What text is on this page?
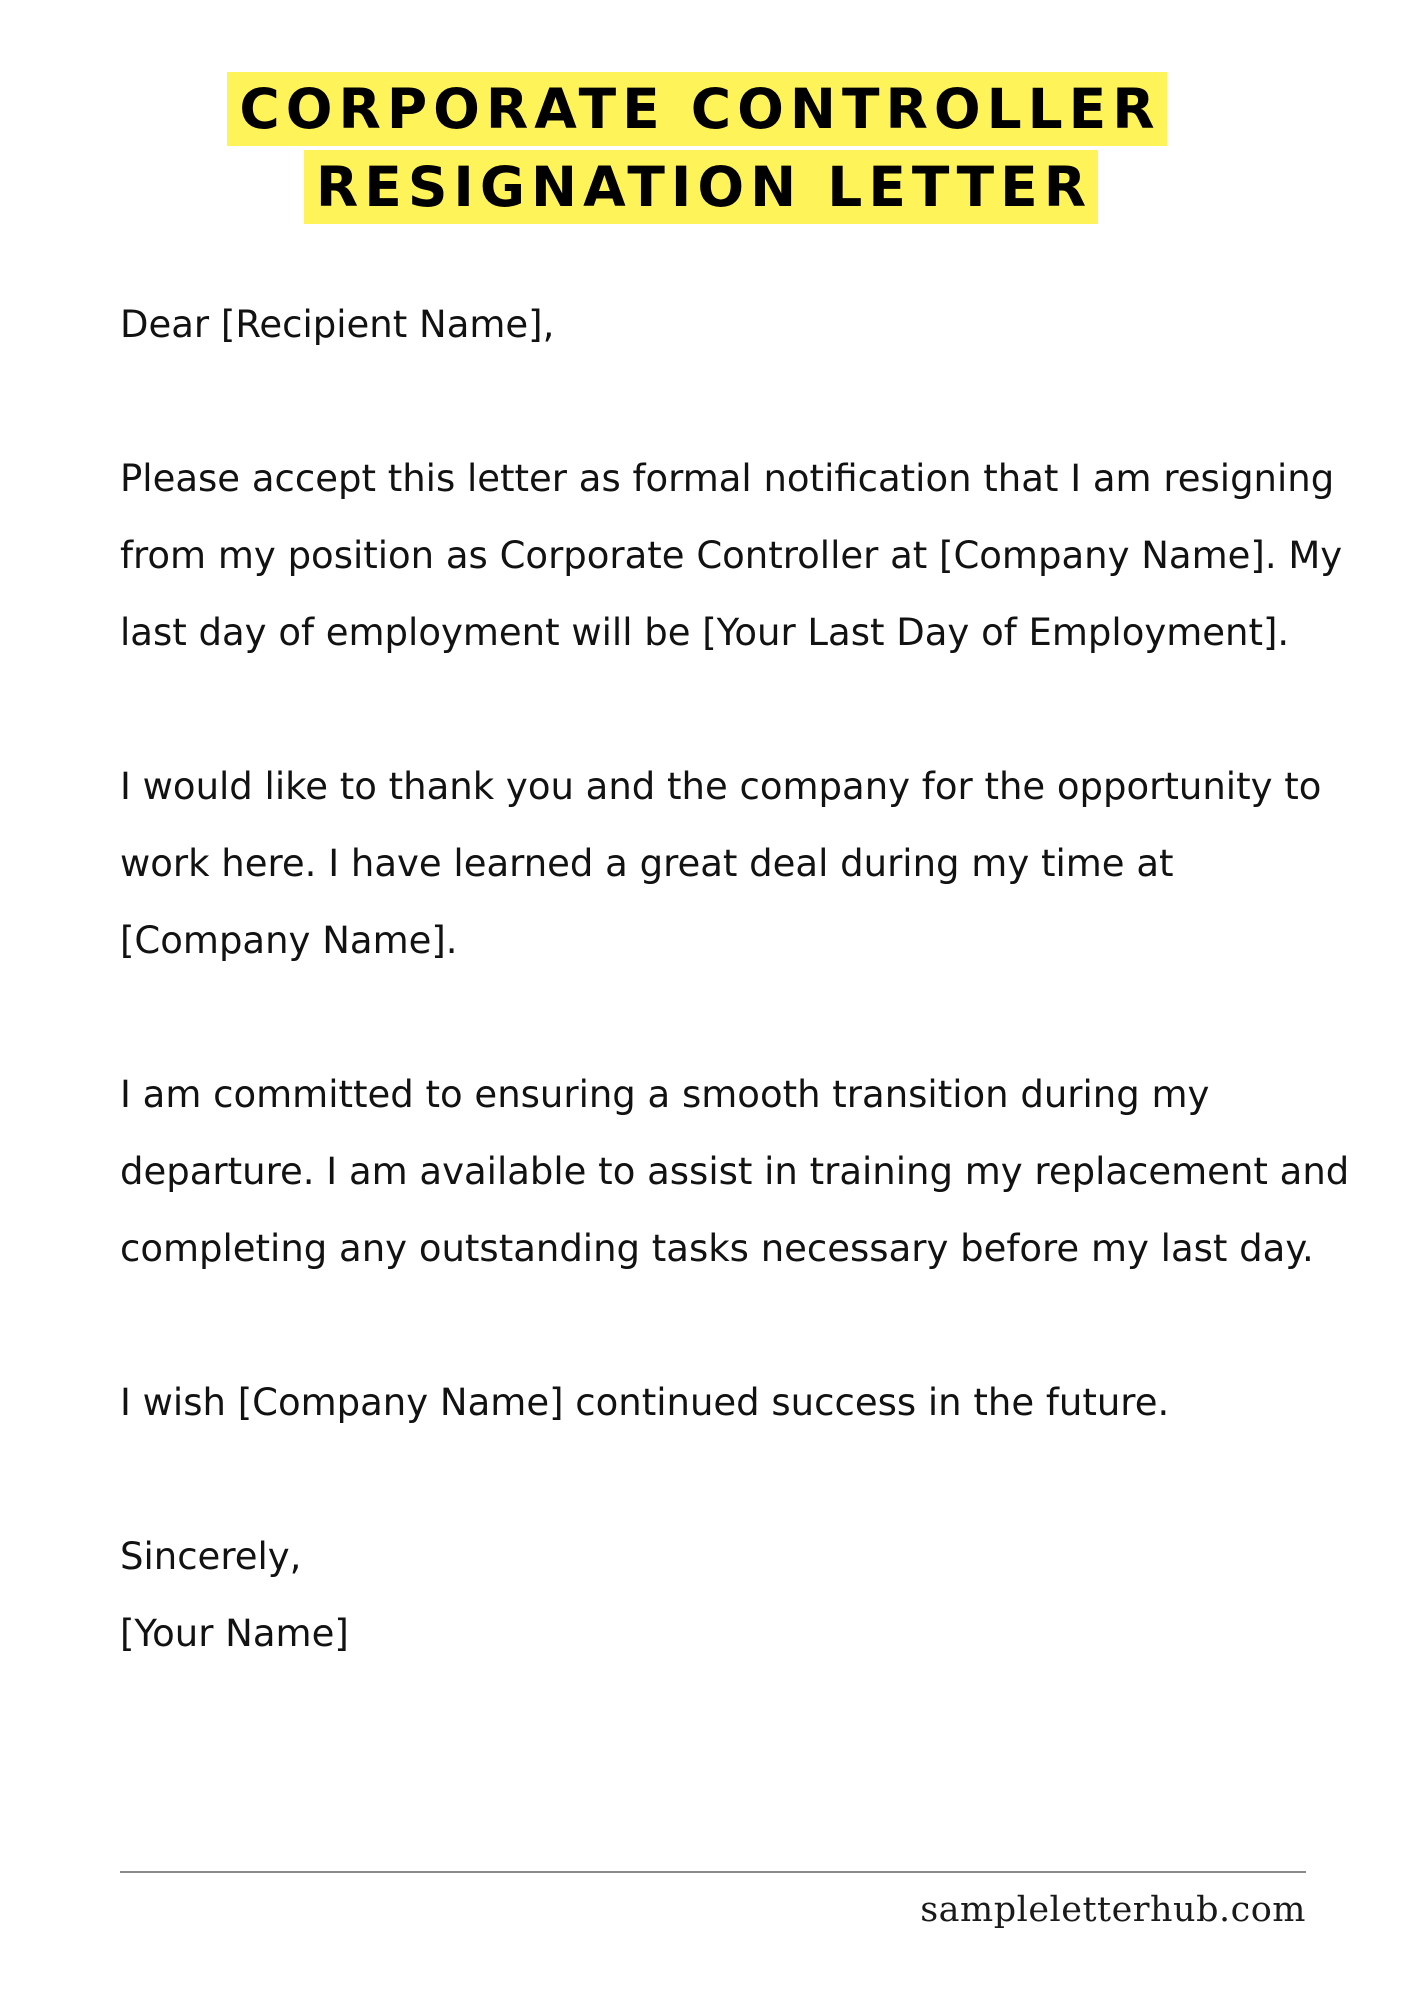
CORPORATE CONTROLLER
RESIGNATION LETTER

Dear [Recipient Name],

Please accept this letter as formal notification that I am resigning from my position as Corporate Controller at [Company Name]. My last day of employment will be [Your Last Day of Employment].

I would like to thank you and the company for the opportunity to work here. I have learned a great deal during my time at [Company Name].

I am committed to ensuring a smooth transition during my departure. I am available to assist in training my replacement and completing any outstanding tasks necessary before my last day.

I wish [Company Name] continued success in the future.

Sincerely,
[Your Name]

sampleletterhub.com
